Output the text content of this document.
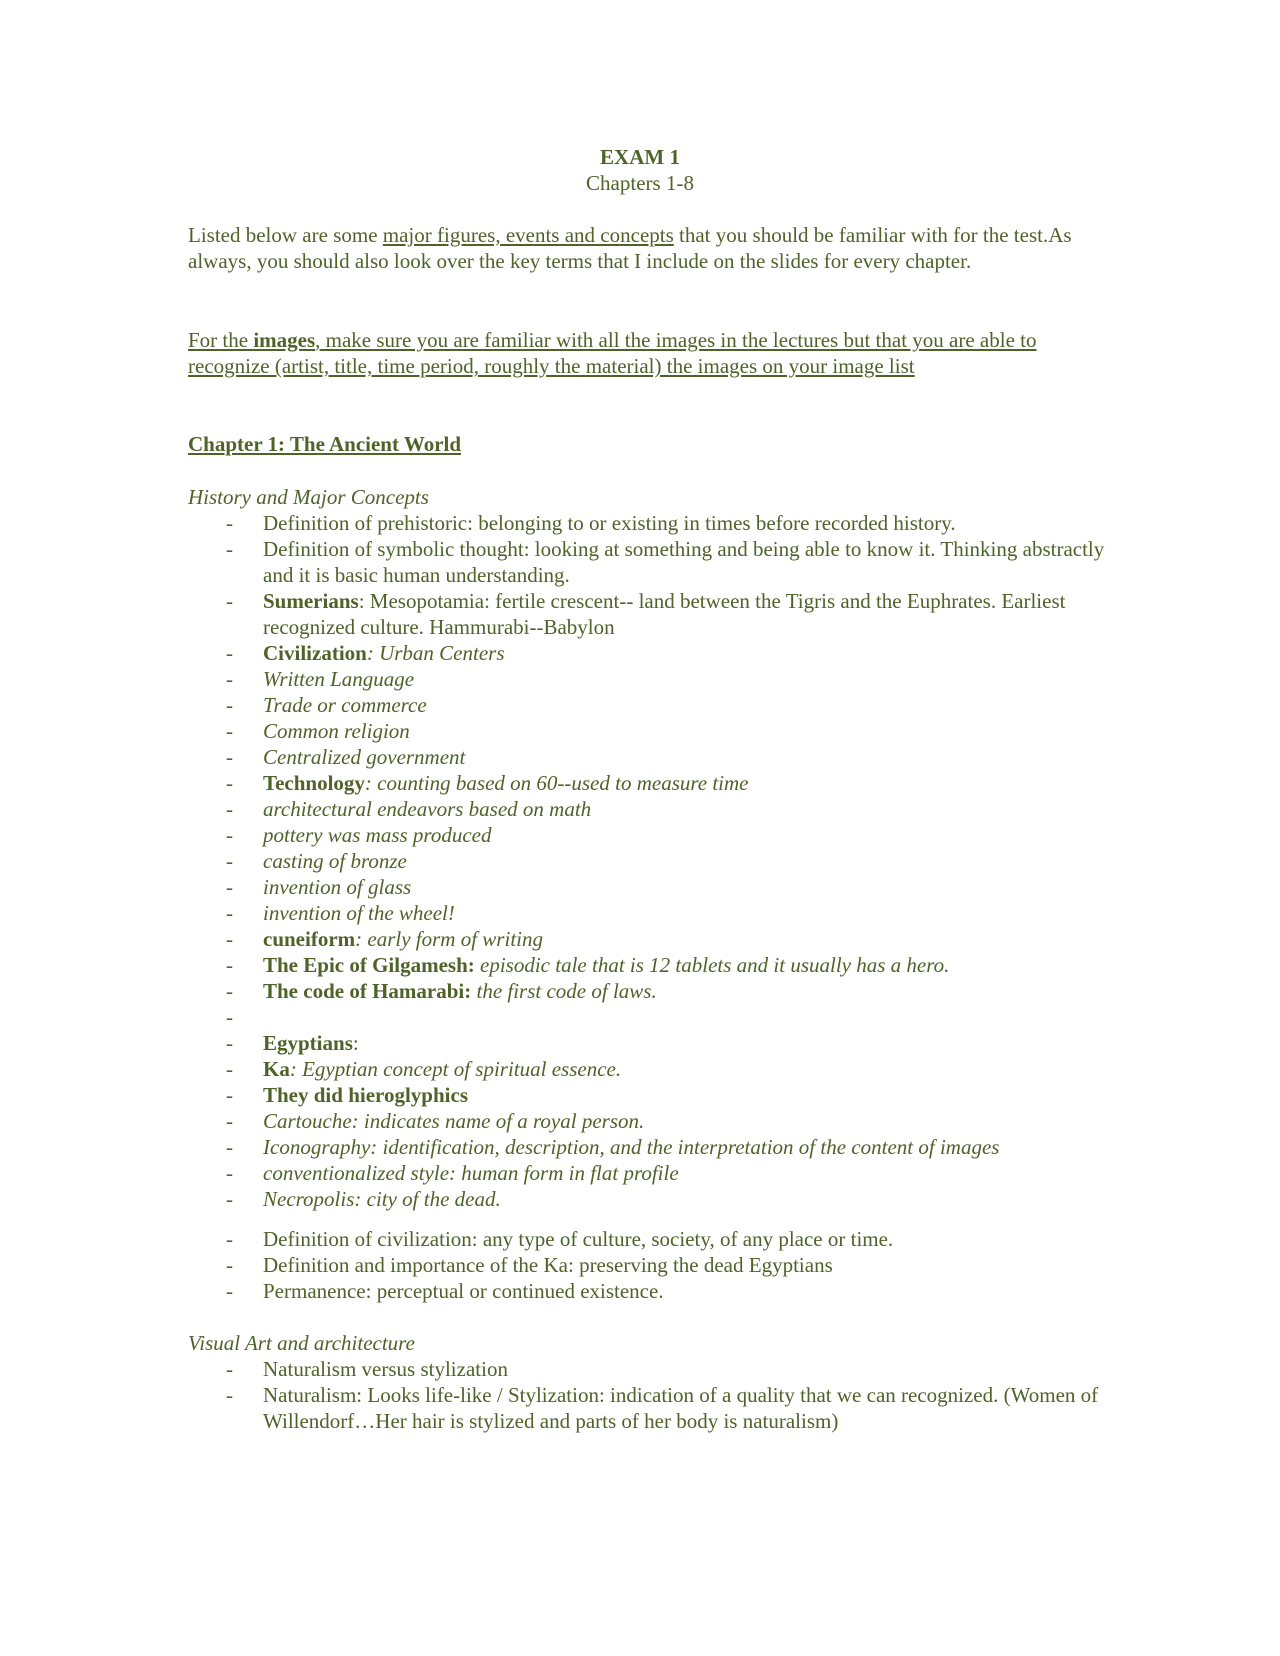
EXAM 1
Chapters 1-8
Listed below are some major figures, events and concepts that you should be familiar with for the test.As always, you should also look over the key terms that I include on the slides for every chapter.
For the images, make sure you are familiar with all the images in the lectures but that you are able to recognize (artist, title, time period, roughly the material) the images on your image list
Chapter 1: The Ancient World
History and Major Concepts
- Definition of prehistoric: belonging to or existing in times before recorded history.
- Definition of symbolic thought: looking at something and being able to know it. Thinking abstractly and it is basic human understanding.
- Sumerians: Mesopotamia: fertile crescent-- land between the Tigris and the Euphrates. Earliest recognized culture. Hammurabi--Babylon
- Civilization: Urban Centers
- Written Language
- Trade or commerce
- Common religion
- Centralized government
- Technology: counting based on 60--used to measure time
- architectural endeavors based on math
- pottery was mass produced
- casting of bronze
- invention of glass
- invention of the wheel!
- cuneiform: early form of writing
- The Epic of Gilgamesh: episodic tale that is 12 tablets and it usually has a hero.
- The code of Hamarabi: the first code of laws.
-
- Egyptians:
- Ka: Egyptian concept of spiritual essence.
- They did hieroglyphics
- Cartouche: indicates name of a royal person.
- Iconography: identification, description, and the interpretation of the content of images
- conventionalized style: human form in flat profile
- Necropolis: city of the dead.
- Definition of civilization: any type of culture, society, of any place or time.
- Definition and importance of the Ka: preserving the dead Egyptians
- Permanence: perceptual or continued existence.
Visual Art and architecture
- Naturalism versus stylization
- Naturalism: Looks life-like / Stylization: indication of a quality that we can recognized. (Women of Willendorf…Her hair is stylized and parts of her body is naturalism)
